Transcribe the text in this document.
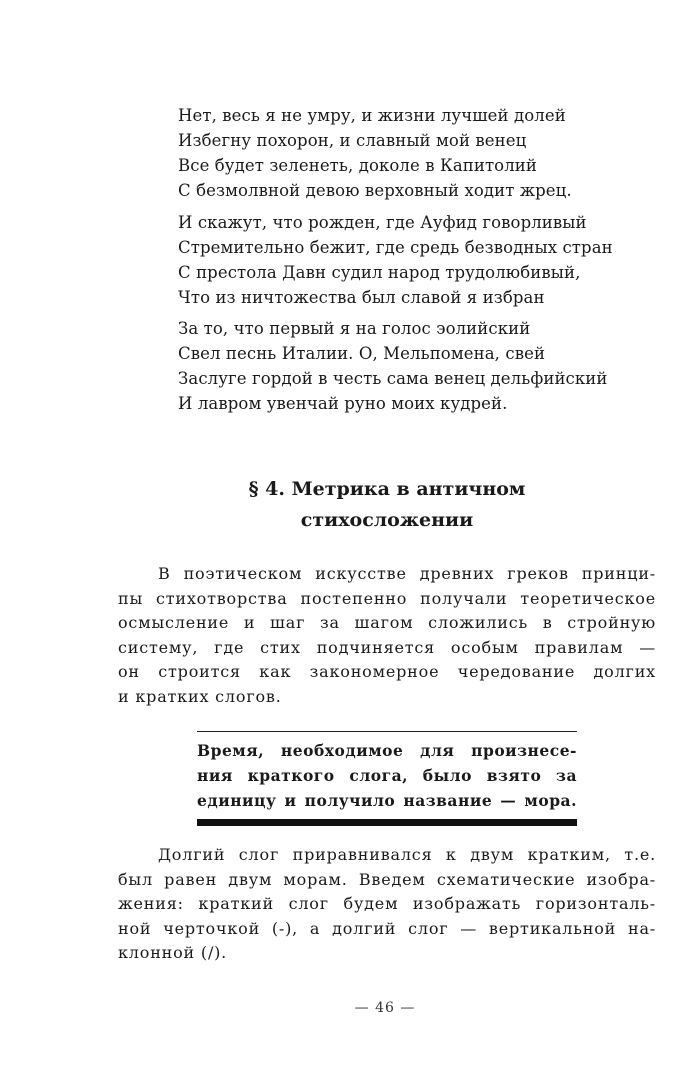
Нет, весь я не умру, и жизни лучшей долей
Избегну похорон, и славный мой венец
Все будет зеленеть, доколе в Капитолий
С безмолвной девою верховный ходит жрец.
И скажут, что рожден, где Ауфид говорливый
Стремительно бежит, где средь безводных стран
С престола Давн судил народ трудолюбивый,
Что из ничтожества был славой я избран
За то, что первый я на голос эолийский
Свел песнь Италии. О, Мельпомена, свей
Заслуге гордой в честь сама венец дельфийский
И лавром увенчай руно моих кудрей.
§ 4. Метрика в античном
стихосложении
В поэтическом искусстве древних греков принци-
пы стихотворства постепенно получали теоретическое
осмысление и шаг за шагом сложились в стройную
систему, где стих подчиняется особым правилам —
он строится как закономерное чередование долгих
и кратких слогов.
Время, необходимое для произнесе-
ния краткого слога, было взято за
единицу и получило название — мора.
Долгий слог приравнивался к двум кратким, т.е.
был равен двум морам. Введем схематические изобра-
жения: краткий слог будем изображать горизонталь-
ной черточкой (-), а долгий слог — вертикальной на-
клонной (/).
— 46 —
